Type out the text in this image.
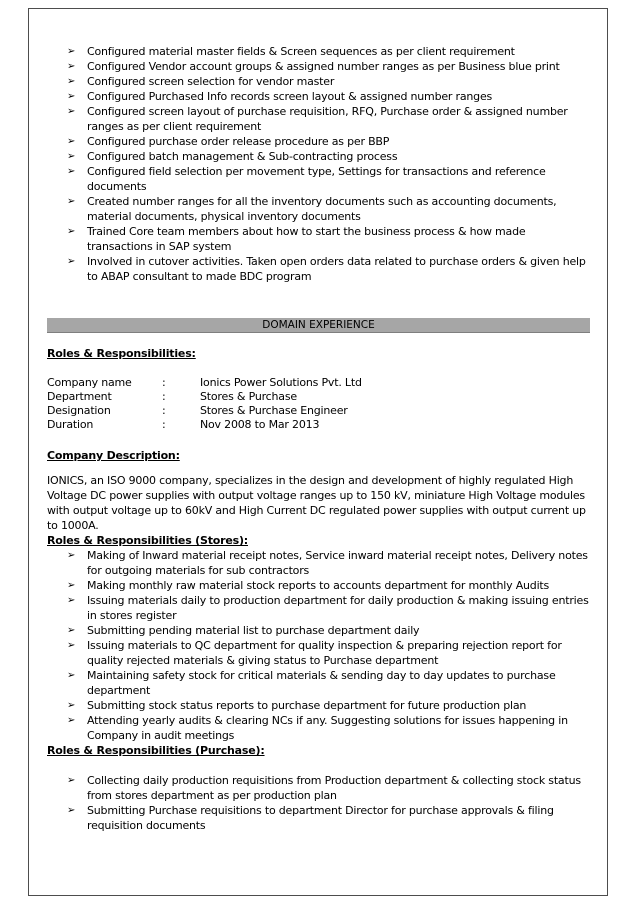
➢	Configured material master fields & Screen sequences as per client requirement
➢	Configured Vendor account groups & assigned number ranges as per Business blue print
➢	Configured screen selection for vendor master
➢	Configured Purchased Info records screen layout & assigned number ranges
➢	Configured screen layout of purchase requisition, RFQ, Purchase order & assigned number ranges as per client requirement
➢	Configured purchase order release procedure as per BBP
➢	Configured batch management & Sub-contracting process
➢	Configured field selection per movement type, Settings for transactions and reference documents
➢	Created number ranges for all the inventory documents such as accounting documents, material documents, physical inventory documents
➢	Trained Core team members about how to start the business process & how made transactions in SAP system
➢	Involved in cutover activities. Taken open orders data related to purchase orders & given help to ABAP consultant to made BDC program
DOMAIN EXPERIENCE
Roles & Responsibilities:
Company name	:	Ionics Power Solutions Pvt. Ltd
Department	:	Stores & Purchase
Designation	:	Stores & Purchase Engineer
Duration	:	Nov 2008 to Mar 2013
Company Description:
IONICS, an ISO 9000 company, specializes in the design and development of highly regulated High Voltage DC power supplies with output voltage ranges up to 150 kV, miniature High Voltage modules with output voltage up to 60kV and High Current DC regulated power supplies with output current up to 1000A.
Roles & Responsibilities (Stores):
➢	Making of Inward material receipt notes, Service inward material receipt notes, Delivery notes for outgoing materials for sub contractors
➢	Making monthly raw material stock reports to accounts department for monthly Audits
➢	Issuing materials daily to production department for daily production & making issuing entries in stores register
➢	Submitting pending material list to purchase department daily
➢	Issuing materials to QC department for quality inspection & preparing rejection report for quality rejected materials & giving status to Purchase department
➢	Maintaining safety stock for critical materials & sending day to day updates to purchase department
➢	Submitting stock status reports to purchase department for future production plan
➢	Attending yearly audits & clearing NCs if any. Suggesting solutions for issues happening in Company in audit meetings
Roles & Responsibilities (Purchase):
➢	Collecting daily production requisitions from Production department & collecting stock status from stores department as per production plan
➢	Submitting Purchase requisitions to department Director for purchase approvals & filing requisition documents
